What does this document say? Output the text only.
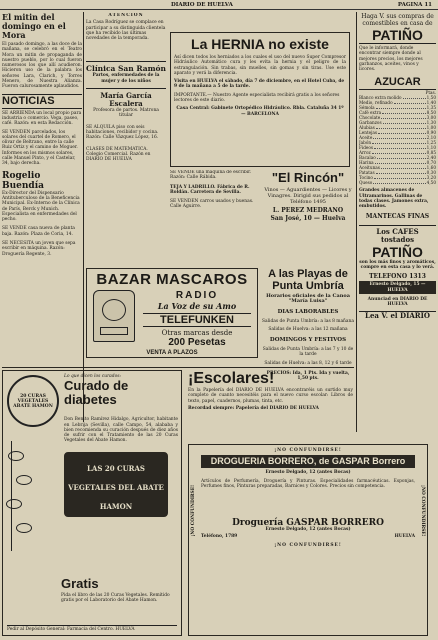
DIARIO DE HUELVA	PAGINA 11
El mitin del domingo en el Mora
El pasado domingo, a las doce de la mañana, se celebró en el Teatro Mora un mitin de propaganda de nuestro pueblo, por lo cual fueron numerosos los que allí acudieron. Hicieron uso de la palabra los señores Lara, Clarich, y Torres Menero, de Nuestra Alianza. Fueron calurosamente aplaudidos.
NOTICIAS
SE ARRIENDA un local propio para industria o comercio. Vega, paseo, café. Razón: en esta Redacción.
SE VENDEN parcelados, los solares del cuartel de Romero, el olivar de Beltrano, entre la calle Ruiz Ortiz y el camino de Moguer. Informes en los mismos solares, calle Manuel Pinto, y el Castelar, 34, bajo derecha.
Rogelio Buendía
Ex-Director del Dispensario Antituberculoso de la Beneficencia Municipal. Ex-Interno de la Clínica de París, Berck y Munich. Especialista en enfermedades del pecho.
SE VENDE casa nueva de planta baja. Razón: Plaza de Coria, 14.
SE NECESITA un joven que sepa escribir en máquina. Razón: Droguería Regente, 3.
ATENCION
La Casa Rodríguez se complace en participar a su distinguida clientela que ha recibido las últimas novedades de la temporada.
Clínica San Ramón
Partos, enfermedades de la mujer y de los niños
María García Escalera
Profesora de partos. Matrona titular
SE ALQUILA piso con seis habitaciones, recibidor y cocina. Razón: Calle Vázquez López, 16.
CLASES DE MATEMATICA. Colegio Comercial. Razón en DIARIO DE HUELVA
La HERNIA no existe
Así dicen todos los herniados a los cuales el uso del nuevo Super Compresor Hidráulico Automático cura y les evita la hernia y el peligro de la estrangulación. Sin trabas, sin muelles, sin gomas y sin tiras. Use este aparato y verá la diferencia.
Visita en HUELVA el sábado, día 7 de diciembre, en el Hotel Cuba, de 9 de la mañana a 5 de la tarde.
IMPORTANTE.— Nuestro Agente especialista recibirá gratis a los señores lectores de este diario.
Casa Central: Gabinete Ortopédico Hidráulico. Rbla. Cataluña 34 1º — BARCELONA
SE VENDE una máquina de escribir. Razón: Calle Rábida.
TEJA Y LADRILLO. Fábrica de R. Roldán. Carretera de Sevilla.
SE VENDEN carros usados y buenas. Calle Aguirre.
"El Rincón"
Vinos — Aguardientes — Licores y Vinagres. Dirigid sus pedidos al Teléfono 1495
L. PEREZ MEDRANO
San José, 10 — Huelva
BAZAR MASCAROS
RADIO
La Voz de su Amo
TELEFUNKEN
Otras marcas desde
200 Pesetas
VENTA A PLAZOS
A las Playas de Punta Umbría
Horarios oficiales de la Canoa "María Luisa"
DIAS LABORABLES
Salidas de Punta Umbría: a las 8 mañana
Salidas de Huelva: a las 12 mañana
DOMINGOS Y FESTIVOS
Salidas de Punta Umbría: a las 7 y 10 de la tarde
Salidas de Huelva: a las 8, 12 y 6 tarde
PRECIOS: Ida, 1 Pts. Ida y vuelta, 1,50 pts.
Haga V. sus compras de comestibles en casa de
PATIÑO
Que le informará, donde encontrar siempre donde al mejores precios, los mejores garbanzos, aceites, vinos y licores.
AZUCAR
Ptas.
Blanco extra molido	1,50
Medio, refinado	1,40
Sémola	1,35
Café extra	8,50
Chocolate	3,00
Garbanzos	1,30
Alubias	1,00
Lentejas	0,90
Aceite	2,10
Jabón	1,25
Fideos	1,10
Arroz	0,85
Bacalao	2,40
Harina	0,70
Aceitunas	1,60
Patatas	0,30
Tocino	3,20
Queso	4,50
Grandes almacenes de Ultramarinos. Gallinas de todas clases. Jamones extra, embutidos.
MANTECAS FINAS
Los CAFES tostados
PATIÑO
son los más finos y aromáticos, compre en esta casa y lo verá.
TELEFONO 1313
Ernesto Delgado, 15 — HUELVA
Anunciad en DIARIO DE HUELVA
Lea V. el DIARIO
20 CURAS VEGETALES ABATE HAMON
Lo que dicen los curados:
Curado de diabetes
Don Benito Ramírez Hidalgo, Agricultor, habitante en Lebrija (Sevilla), calle Campo, 54, alababa y bien recomienda su curación después de diez años de sufrir con el Tratamiento de las 20 Curas Vegetales del Abate Hamon.
LAS 20 CURAS VEGETALES DEL ABATE HAMON
Gratis
Pida el libro de las 20 Curas Vegetales. Remitido gratis por el Laboratorio del Abate Hamon.
Pedir al Depósito General: Farmacia del Centro. HUELVA
¡Escolares!
En la Papelería del DIARIO DE HUELVA encontraréis un surtido muy completo de cuanto necesitéis para el nuevo curso escolar: Libros de texto, papel, cuadernos, plumas, tinta, etc.
Recordad siempre: Papelería del DIARIO DE HUELVA
¡NO CONFUNDIRSE!
DROGUERIA BORRERO, de GASPAR Borrero
Ernesto Delgado, 12 (antes Bocas)
Artículos de Perfumería, Droguería y Pinturas. Especialidades farmacéuticas. Esponjas, Perfumes finos, Pinturas preparadas, Barnices y Colores. Precios sin competencia.
Droguería GASPAR BORRERO
Ernesto Delgado, 12 (antes Bocas)
Teléfono, 1789	HUELVA
¡NO CONFUNDIRSE!
¡NO CONFUNDIRSE!	¡NO CONFUNDIRSE!
